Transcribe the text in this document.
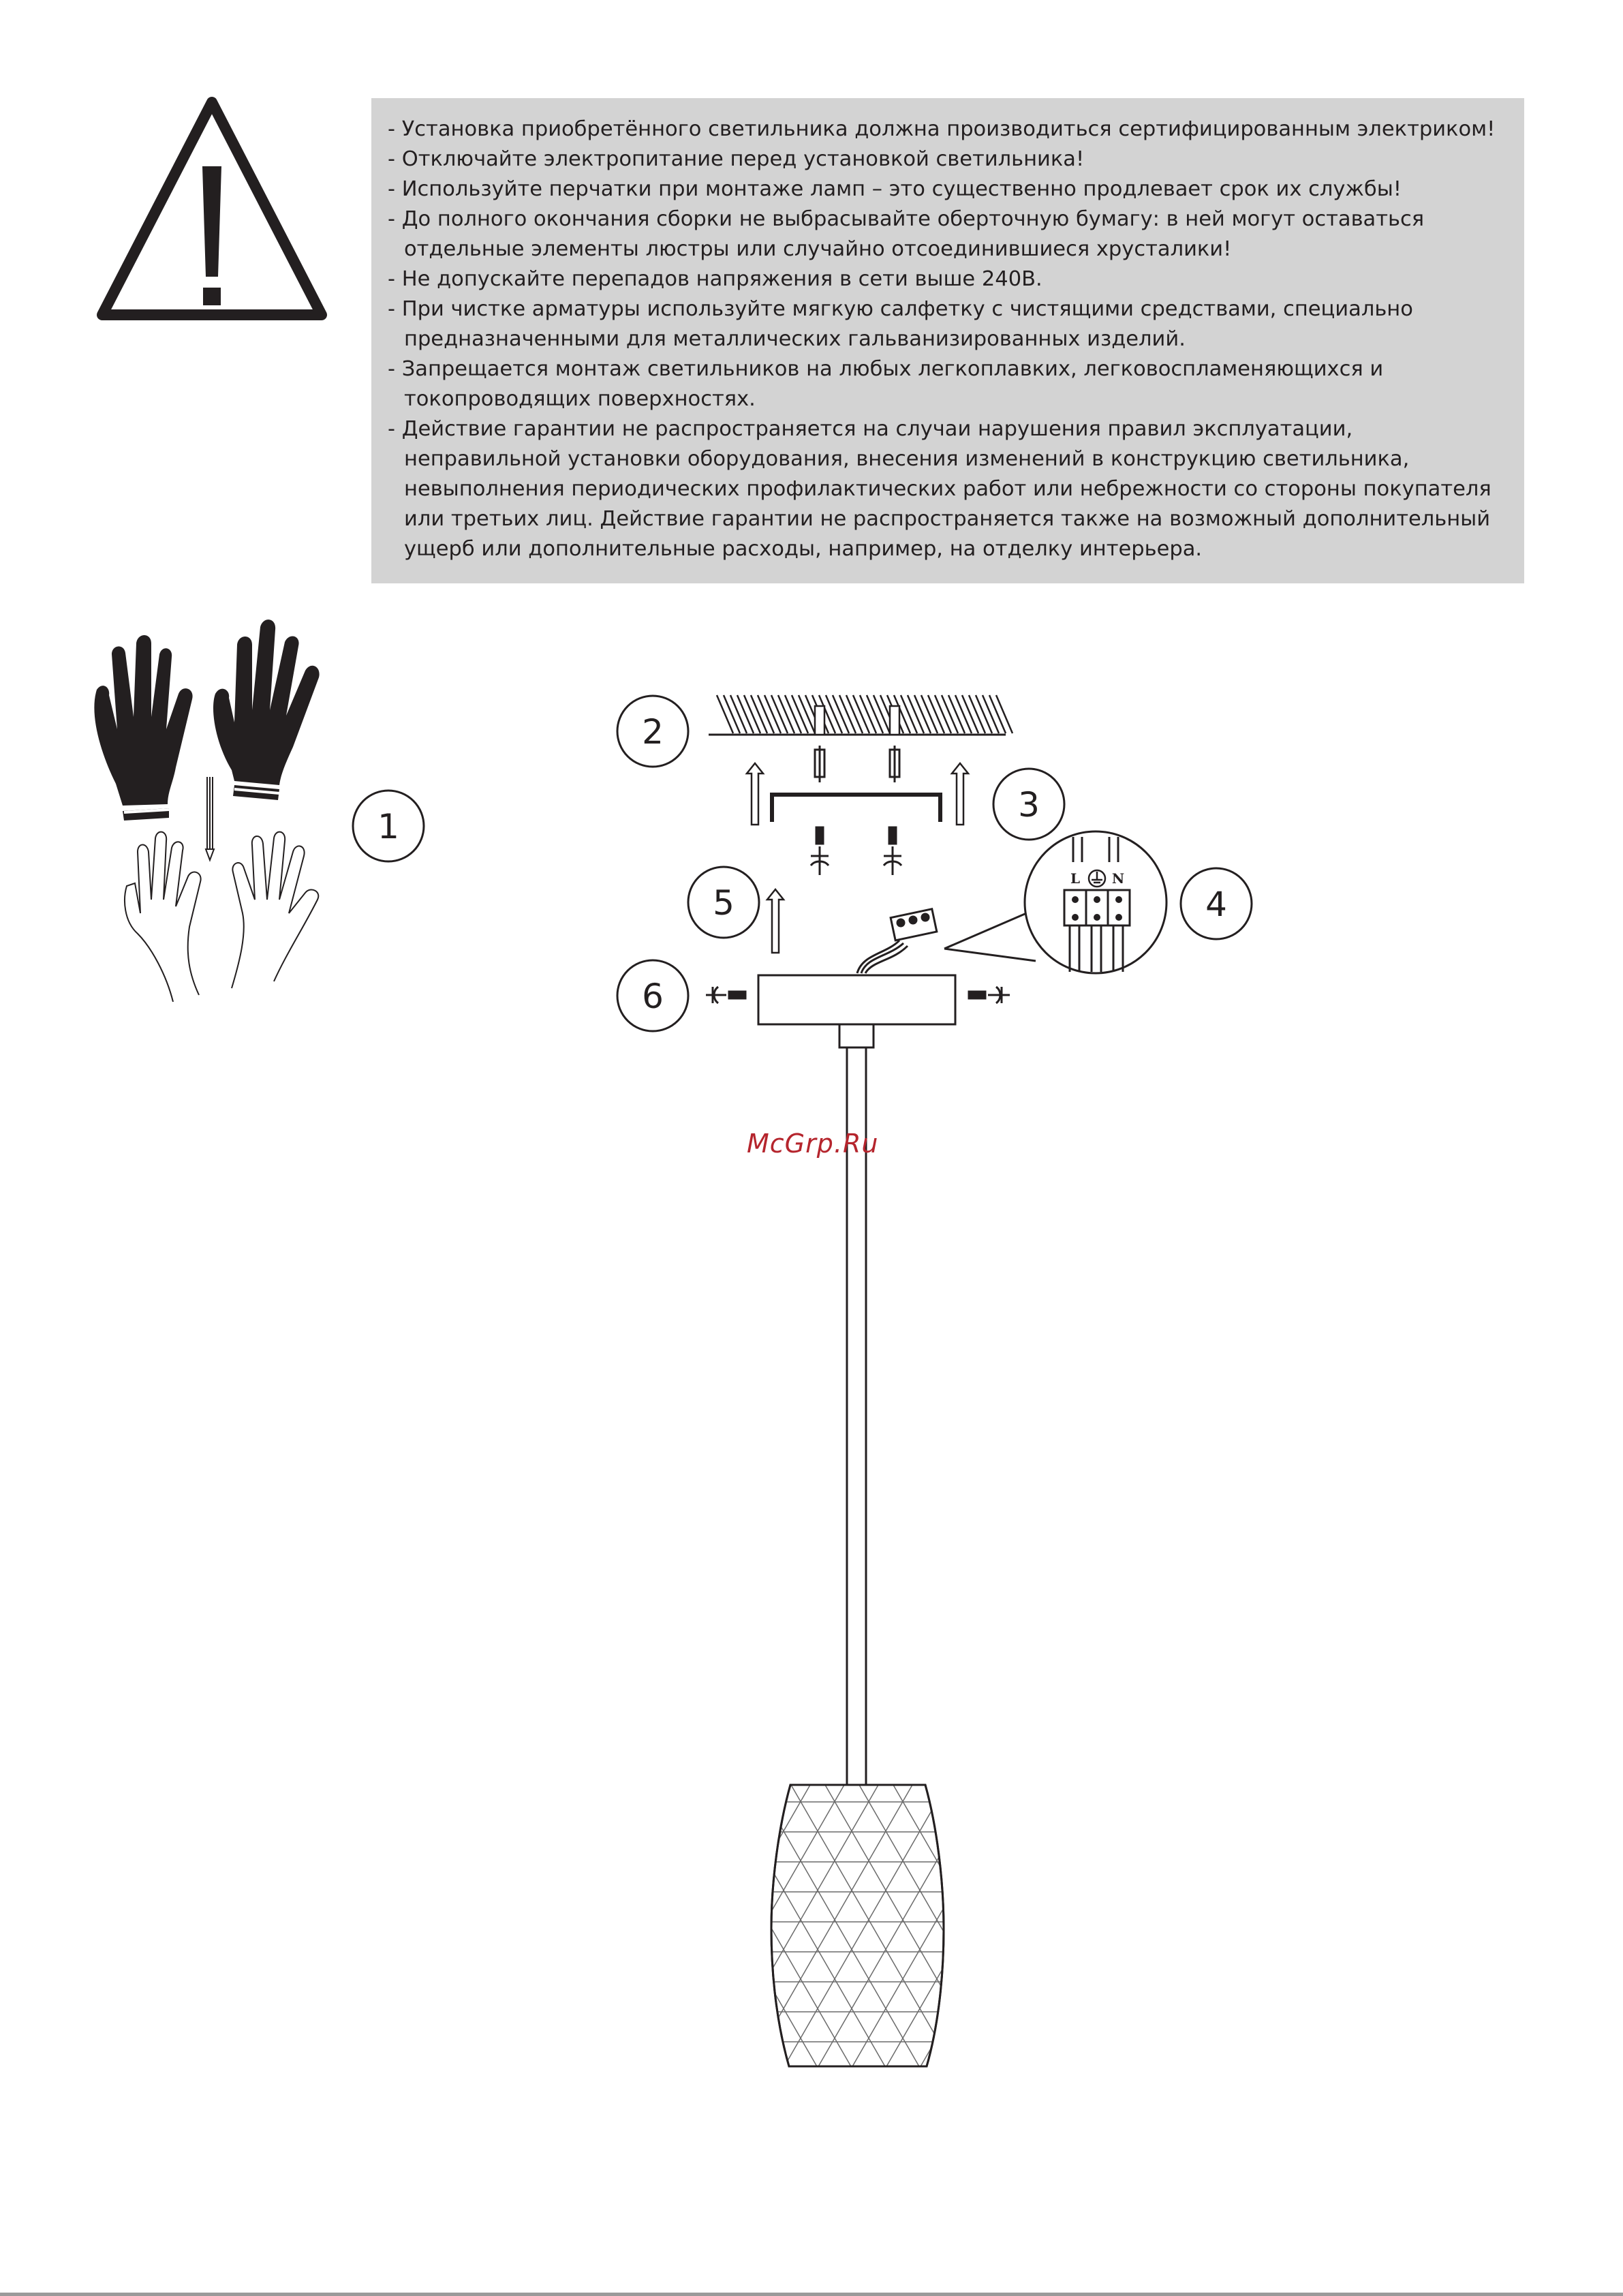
- Установка приобретённого светильника должна производиться сертифицированным электриком!

- Отключайте электропитание перед установкой светильника!

- Используйте перчатки при монтаже ламп – это существенно продлевает срок их службы!

- До полного окончания сборки не выбрасывайте оберточную бумагу: в ней могут оставаться

отдельные элементы люстры или случайно отсоединившиеся хрусталики!

- Не допускайте перепадов напряжения в сети выше 240В.

- При чистке арматуры используйте мягкую салфетку с чистящими средствами, специально

предназначенными для металлических гальванизированных изделий.

- Запрещается монтаж светильников на любых легкоплавких, легковоспламеняющихся и

токопроводящих поверхностях.

- Действие гарантии не распространяется на случаи нарушения правил эксплуатации,

неправильной установки оборудования, внесения изменений в конструкцию светильника,

невыполнения периодических профилактических работ или небрежности со стороны покупателя

или третьих лиц. Действие гарантии не распространяется также на возможный дополнительный

ущерб или дополнительные расходы, например, на отделку интерьера.

1
2
3
5
L N
4
6
McGrp.Ru
